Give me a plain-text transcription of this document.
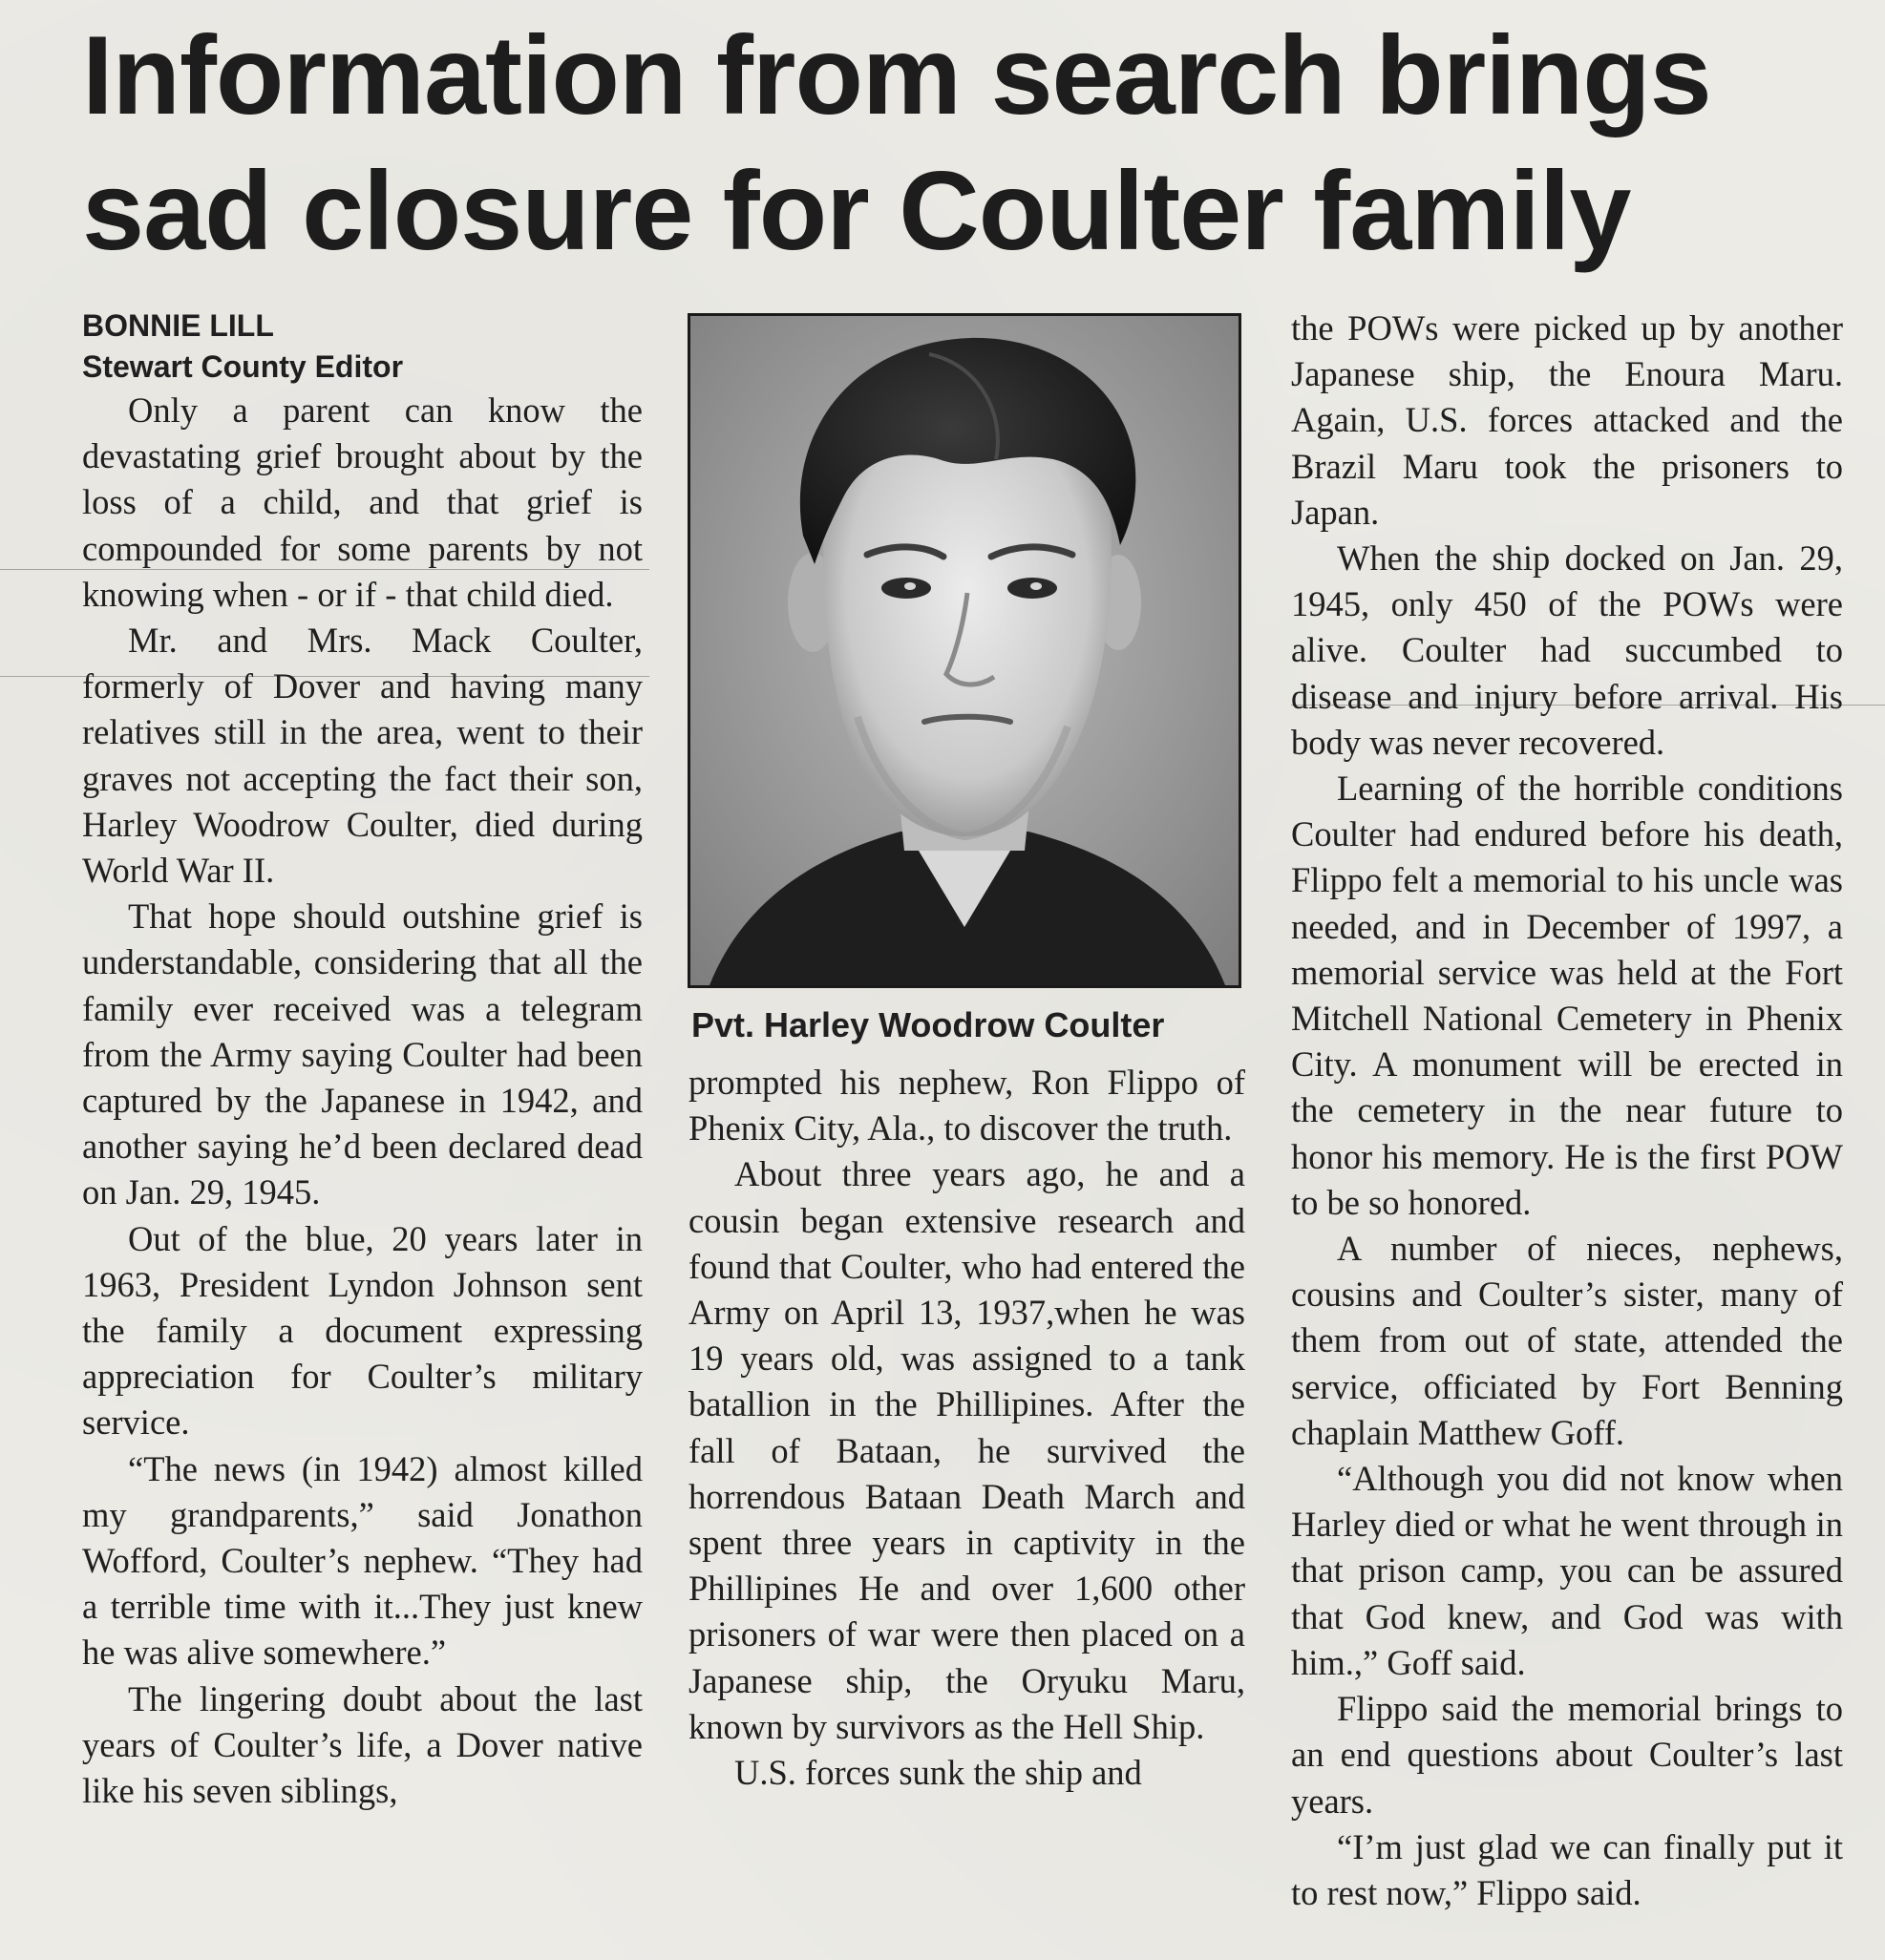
Information from search brings
sad closure for Coulter family
BONNIE LILL
Stewart County Editor

Only a parent can know the devastating grief brought about by the loss of a child, and that grief is compounded for some parents by not knowing when - or if - that child died.

Mr. and Mrs. Mack Coulter, formerly of Dover and having many relatives still in the area, went to their graves not accepting the fact their son, Harley Woodrow Coulter, died during World War II.

That hope should outshine grief is understandable, considering that all the family ever received was a telegram from the Army saying Coulter had been captured by the Japanese in 1942, and another saying he’d been declared dead on Jan. 29, 1945.

Out of the blue, 20 years later in 1963, President Lyndon Johnson sent the family a document expressing appreciation for Coulter’s military service.

“The news (in 1942) almost killed my grandparents,” said Jonathon Wofford, Coulter’s nephew. “They had a terrible time with it...They just knew he was alive somewhere.”

The lingering doubt about the last years of Coulter’s life, a Dover native like his seven siblings,

Pvt. Harley Woodrow Coulter

prompted his nephew, Ron Flippo of Phenix City, Ala., to discover the truth.

About three years ago, he and a cousin began extensive research and found that Coulter, who had entered the Army on April 13, 1937,when he was 19 years old, was assigned to a tank batallion in the Phillipines. After the fall of Bataan, he survived the horrendous Bataan Death March and spent three years in captivity in the Phillipines He and over 1,600 other prisoners of war were then placed on a Japanese ship, the Oryuku Maru, known by survivors as the Hell Ship.

U.S. forces sunk the ship and

the POWs were picked up by another Japanese ship, the Enoura Maru. Again, U.S. forces attacked and the Brazil Maru took the prisoners to Japan.

When the ship docked on Jan. 29, 1945, only 450 of the POWs were alive. Coulter had succumbed to disease and injury before arrival. His body was never recovered.

Learning of the horrible conditions Coulter had endured before his death, Flippo felt a memorial to his uncle was needed, and in December of 1997, a memorial service was held at the Fort Mitchell National Cemetery in Phenix City. A monument will be erected in the cemetery in the near future to honor his memory. He is the first POW to be so honored.

A number of nieces, nephews, cousins and Coulter’s sister, many of them from out of state, attended the service, officiated by Fort Benning chaplain Matthew Goff.

“Although you did not know when Harley died or what he went through in that prison camp, you can be assured that God knew, and God was with him.,” Goff said.

Flippo said the memorial brings to an end questions about Coulter’s last years.

“I’m just glad we can finally put it to rest now,” Flippo said.
